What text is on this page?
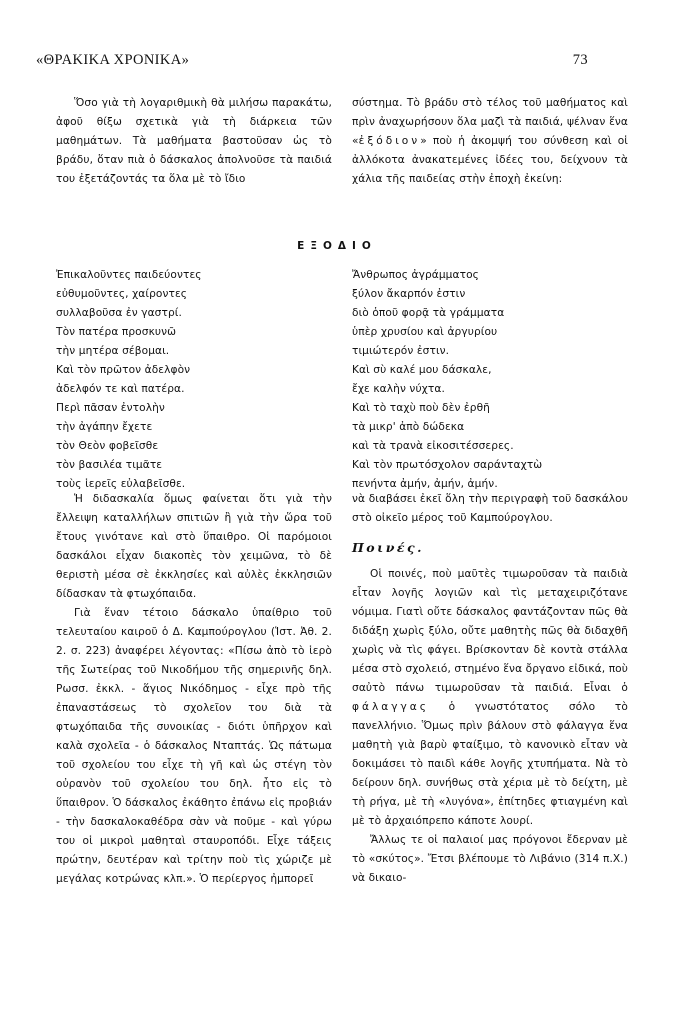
«ΘΡΑΚΙΚΑ ΧΡΟΝΙΚΑ»	73

Ὅσο γιὰ τὴ λογαριθμικὴ θὰ μιλήσω παρακάτω, ἀφοῦ θίξω σχετικὰ γιὰ τὴ διάρκεια τῶν μαθημάτων. Τὰ μαθήματα βαστοῦσαν ὡς τὸ βράδυ, ὅταν πιὰ ὁ δάσκαλος ἀπολνοῦσε τὰ παιδιά του ἐξετάζοντάς τα ὅλα μὲ τὸ ἴδιο

σύστημα. Τὸ βράδυ στὸ τέλος τοῦ μαθήματος καὶ πρὶν ἀναχωρήσουν ὅλα μαζὶ τὰ παιδιά, ψέλναν ἕνα «ἐξόδιον» ποὺ ἡ ἀκομψή του σύνθεση καὶ οἱ ἀλλόκοτα ἀνακατεμένες ἰδέες του, δείχνουν τὰ χάλια τῆς παιδείας στὴν ἐποχὴ ἐκείνη:

ΕΞΟΔΙΟ
Ἐπικαλοῦντες παιδεύοντες
εὐθυμοῦντες, χαίροντες
συλλαβοῦσα ἐν γαστρί.
Τὸν πατέρα προσκυνῶ
τὴν μητέρα σέβομαι.
Καὶ τὸν πρῶτον ἀδελφὸν
ἀδελφόν τε καὶ πατέρα.
Περὶ πᾶσαν ἐντολὴν
τὴν ἀγάπην ἔχετε
τὸν Θεὸν φοβεῖσθε
τὸν βασιλέα τιμᾶτε
τοὺς ἱερεῖς εὐλαβεῖσθε.
Ἄνθρωπος ἀγράμματος
ξύλον ἄκαρπόν ἐστιν
διὸ ὁποῦ φορᾷ τὰ γράμματα
ὑπὲρ χρυσίου καὶ ἀργυρίου
τιμιώτερόν ἐστιν.
Καὶ σὺ καλέ μου δάσκαλε,
ἔχε καλὴν νύχτα.
Καὶ τὸ ταχὺ ποὺ δὲν ἐρθῆ
τὰ μικρ' ἀπὸ δώδεκα
καὶ τὰ τρανὰ εἰκοσιτέσσερες.
Καὶ τὸν πρωτόσχολον σαράνταχτὼ
πενήντα ἀμήν, ἀμήν, ἀμήν.

Ἡ διδασκαλία ὅμως φαίνεται ὅτι γιὰ τὴν ἔλλειψη καταλλήλων σπιτιῶν ἢ γιὰ τὴν ὥρα τοῦ ἔτους γινότανε καὶ στὸ ὕπαιθρο. Οἱ παρόμοιοι δασκάλοι εἶχαν διακοπὲς τὸν χειμῶνα, τὸ δὲ θεριστὴ μέσα σὲ ἐκκλησίες καὶ αὐλὲς ἐκκλησιῶν δίδασκαν τὰ φτωχόπαιδα.

Γιὰ ἕναν τέτοιο δάσκαλο ὑπαίθριο τοῦ τελευταίου καιροῦ ὁ Δ. Καμπούρογλου (Ἱστ. Ἀθ. 2. 2. σ. 223) ἀναφέρει λέγοντας: «Πίσω ἀπὸ τὸ ἱερὸ τῆς Σωτείρας τοῦ Νικοδήμου τῆς σημερινῆς δηλ. Ρωσσ. ἐκκλ. - ἅγιος Νικόδημος - εἶχε πρὸ τῆς ἐπαναστάσεως τὸ σχολεῖον του διὰ τὰ φτωχόπαιδα τῆς συνοικίας - διότι ὑπῆρχον καὶ καλὰ σχολεῖα - ὁ δάσκαλος Νταπτάς. Ὡς πάτωμα τοῦ σχολείου του εἶχε τὴ γῆ καὶ ὡς στέγη τὸν οὐρανὸν τοῦ σχολείου του δηλ. ἦτο εἰς τὸ ὕπαιθρον. Ὁ δάσκαλος ἐκάθητο ἐπάνω εἰς προβιάν - τὴν δασκαλοκαθέδρα σὰν νὰ ποῦμε - καὶ γύρω του οἱ μικροὶ μαθηταὶ σταυροπόδι. Εἶχε τάξεις πρώτην, δευτέραν καὶ τρίτην ποὺ τὶς χώριζε μὲ μεγάλας κοτρώνας κλπ.». Ὁ περίεργος ἠμπορεῖ

νὰ διαβάσει ἐκεῖ ὅλη τὴν περιγραφὴ τοῦ δασκάλου στὸ οἰκεῖο μέρος τοῦ Καμπούρογλου.

Ποινές.

Οἱ ποινές, ποὺ μαῦτὲς τιμωροῦσαν τὰ παιδιὰ εἶταν λογῆς λογιῶν καὶ τὶς μεταχειριζότανε νόμιμα. Γιατὶ οὔτε δάσκαλος φαντάζονταν πῶς θὰ διδάξη χωρὶς ξύλο, οὔτε μαθητὴς πῶς θὰ διδαχθῆ χωρὶς νὰ τὶς φάγει. Βρίσκονταν δὲ κοντὰ στάλλα μέσα στὸ σχολειό, στημένο ἕνα ὄργανο εἰδικά, ποὺ σαὐτὸ πάνω τιμωροῦσαν τὰ παιδιά. Εἶναι ὁ φάλαγγας ὁ γνωστότατος σόλο τὸ πανελλήνιο. Ὅμως πρὶν βάλουν στὸ φάλαγγα ἕνα μαθητὴ γιὰ βαρὺ φταίξιμο, τὸ κανονικὸ εἶταν νὰ δοκιμάσει τὸ παιδὶ κάθε λογῆς χτυπήματα. Νὰ τὸ δείρουν δηλ. συνήθως στὰ χέρια μὲ τὸ δείχτη, μὲ τὴ ρήγα, μὲ τὴ «λυγόνα», ἐπίτηδες φτιαγμένη καὶ μὲ τὸ ἀρχαιόπρεπο κάποτε λουρί.

Ἄλλως τε οἱ παλαιοί μας πρόγονοι ἔδερναν μὲ τὸ «σκύτος». Ἔτσι βλέπουμε τὸ Λιβάνιο (314 π.Χ.) νὰ δικαιο-
